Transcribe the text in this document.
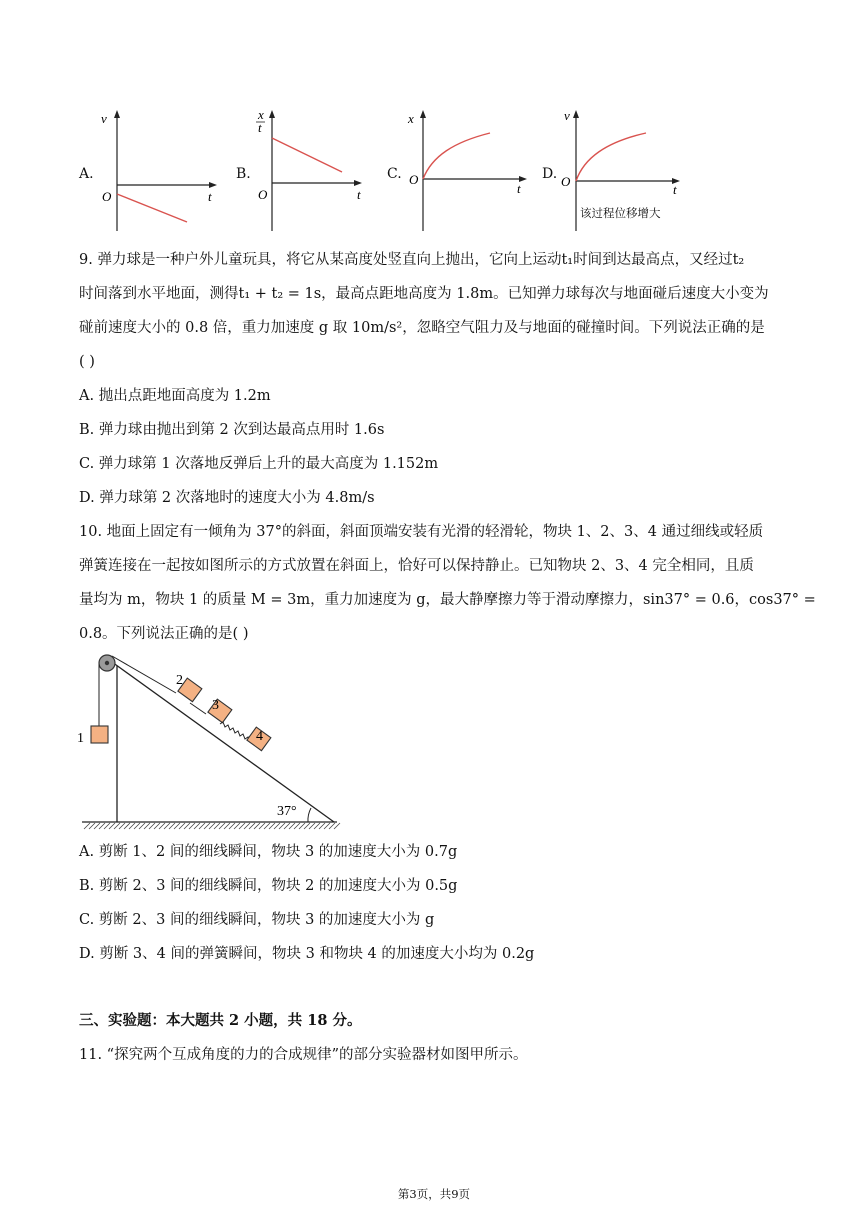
A.
v
t
O
B.
x
t
t
O
C.
x
t
O	D.
v
t
O
该过程位移增大
9. 弹力球是一种户外儿童玩具，将它从某高度处竖直向上抛出，它向上运动t₁时间到达最高点，又经过t₂
时间落到水平地面，测得t₁ + t₂ = 1s，最高点距地高度为 1.8m。已知弹力球每次与地面碰后速度大小变为
碰前速度大小的 0.8 倍，重力加速度 g 取 10m/s²，忽略空气阻力及与地面的碰撞时间。下列说法正确的是
( )
A. 抛出点距地面高度为 1.2m
B. 弹力球由抛出到第 2 次到达最高点用时 1.6s
C. 弹力球第 1 次落地反弹后上升的最大高度为 1.152m
D. 弹力球第 2 次落地时的速度大小为 4.8m/s
10. 地面上固定有一倾角为 37°的斜面，斜面顶端安装有光滑的轻滑轮，物块 1、2、3、4 通过细线或轻质
弹簧连接在一起按如图所示的方式放置在斜面上，恰好可以保持静止。已知物块 2、3、4 完全相同，且质
量均为 m，物块 1 的质量 M = 3m，重力加速度为 g，最大静摩擦力等于滑动摩擦力，sin37° = 0.6，cos37° =
0.8。下列说法正确的是( )
37°
1
2
3
4
A. 剪断 1、2 间的细线瞬间，物块 3 的加速度大小为 0.7g
B. 剪断 2、3 间的细线瞬间，物块 2 的加速度大小为 0.5g
C. 剪断 2、3 间的细线瞬间，物块 3 的加速度大小为 g
D. 剪断 3、4 间的弹簧瞬间，物块 3 和物块 4 的加速度大小均为 0.2g
三、实验题：本大题共 2 小题，共 18 分。
11. “探究两个互成角度的力的合成规律”的部分实验器材如图甲所示。
第3页，共9页
